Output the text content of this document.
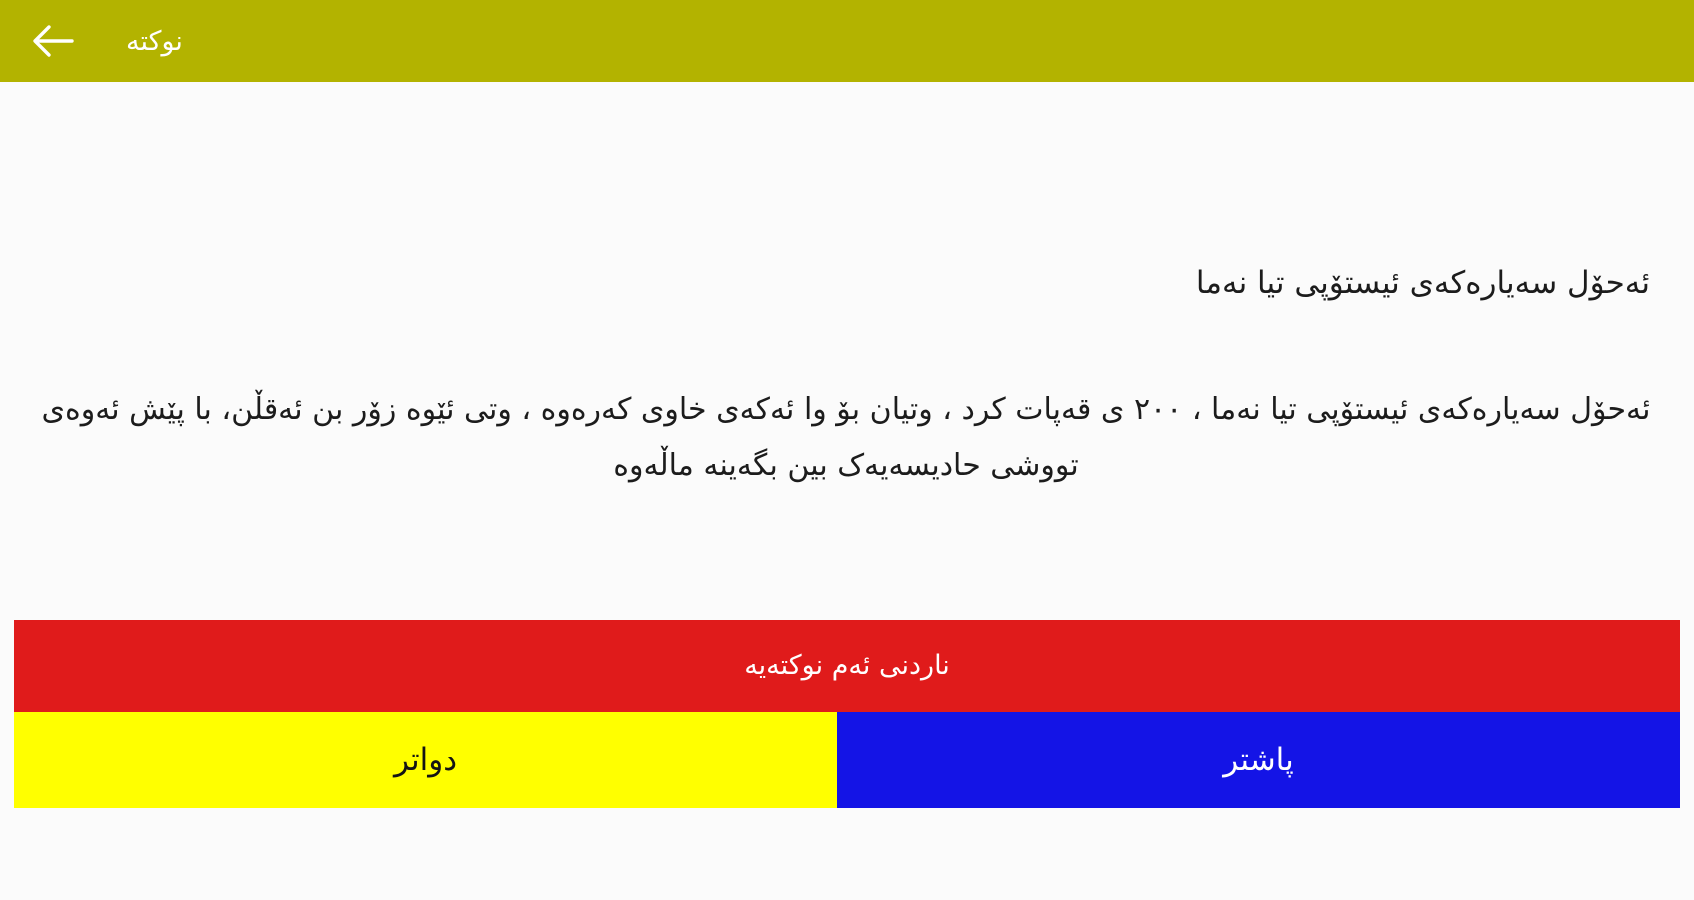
نوکته
ئەحۆل سەیارەکەی ئیستۆپی تیا نەما
ئەحۆل سەیارەکەی ئیستۆپی تیا نەما ، ٢٠٠ ی قەپات کرد ، وتیان بۆ وا ئەکەی خاوی کەرەوە ، وتی ئێوە زۆر بن ئەقڵن، با پێش ئەوەی تووشی حادیسەیەک بین بگەینە ماڵەوە
ناردنی ئەم نوکتەیە
پاشتر
دواتر
